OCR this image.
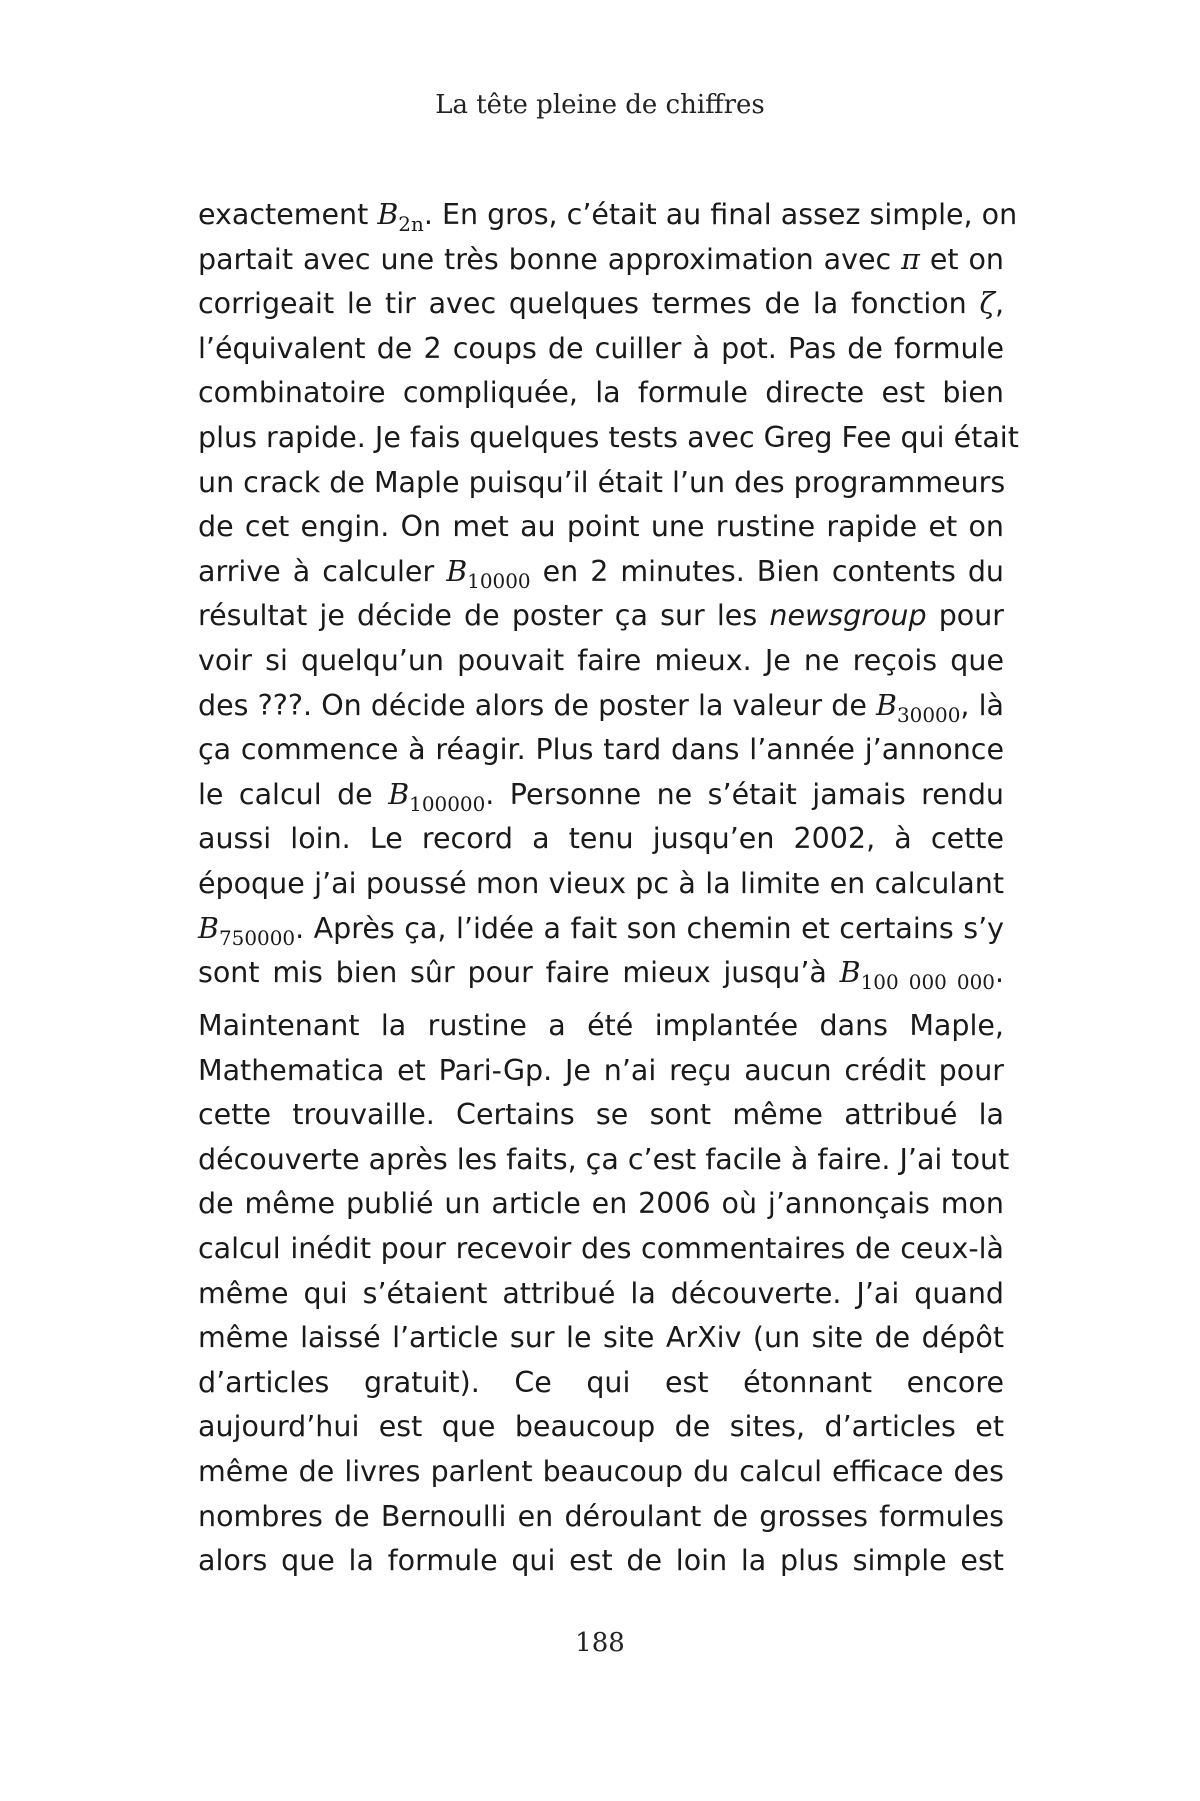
La tête pleine de chiffres
exactement $B_{2n}$. En gros, c’était au final assez simple, on
partait avec une très bonne approximation avec π et on
corrigeait le tir avec quelques termes de la fonction ζ,
l’équivalent de 2 coups de cuiller à pot. Pas de formule
combinatoire compliquée, la formule directe est bien
plus rapide. Je fais quelques tests avec Greg Fee qui était
un crack de Maple puisqu’il était l’un des programmeurs
de cet engin. On met au point une rustine rapide et on
arrive à calculer $B_{10000}$ en 2 minutes. Bien contents du
résultat je décide de poster ça sur les newsgroup pour
voir si quelqu’un pouvait faire mieux. Je ne reçois que
des ???. On décide alors de poster la valeur de $B_{30000}$, là
ça commence à réagir. Plus tard dans l’année j’annonce
le calcul de $B_{100000}$. Personne ne s’était jamais rendu
aussi loin. Le record a tenu jusqu’en 2002, à cette
époque j’ai poussé mon vieux pc à la limite en calculant
$B_{750000}$. Après ça, l’idée a fait son chemin et certains s’y
sont mis bien sûr pour faire mieux jusqu’à $B_{100 000 000}$.
Maintenant la rustine a été implantée dans Maple,
Mathematica et Pari-Gp. Je n’ai reçu aucun crédit pour
cette trouvaille. Certains se sont même attribué la
découverte après les faits, ça c’est facile à faire. J’ai tout
de même publié un article en 2006 où j’annonçais mon
calcul inédit pour recevoir des commentaires de ceux-là
même qui s’étaient attribué la découverte. J’ai quand
même laissé l’article sur le site ArXiv (un site de dépôt
d’articles gratuit). Ce qui est étonnant encore
aujourd’hui est que beaucoup de sites, d’articles et
même de livres parlent beaucoup du calcul efficace des
nombres de Bernoulli en déroulant de grosses formules
alors que la formule qui est de loin la plus simple est
188
